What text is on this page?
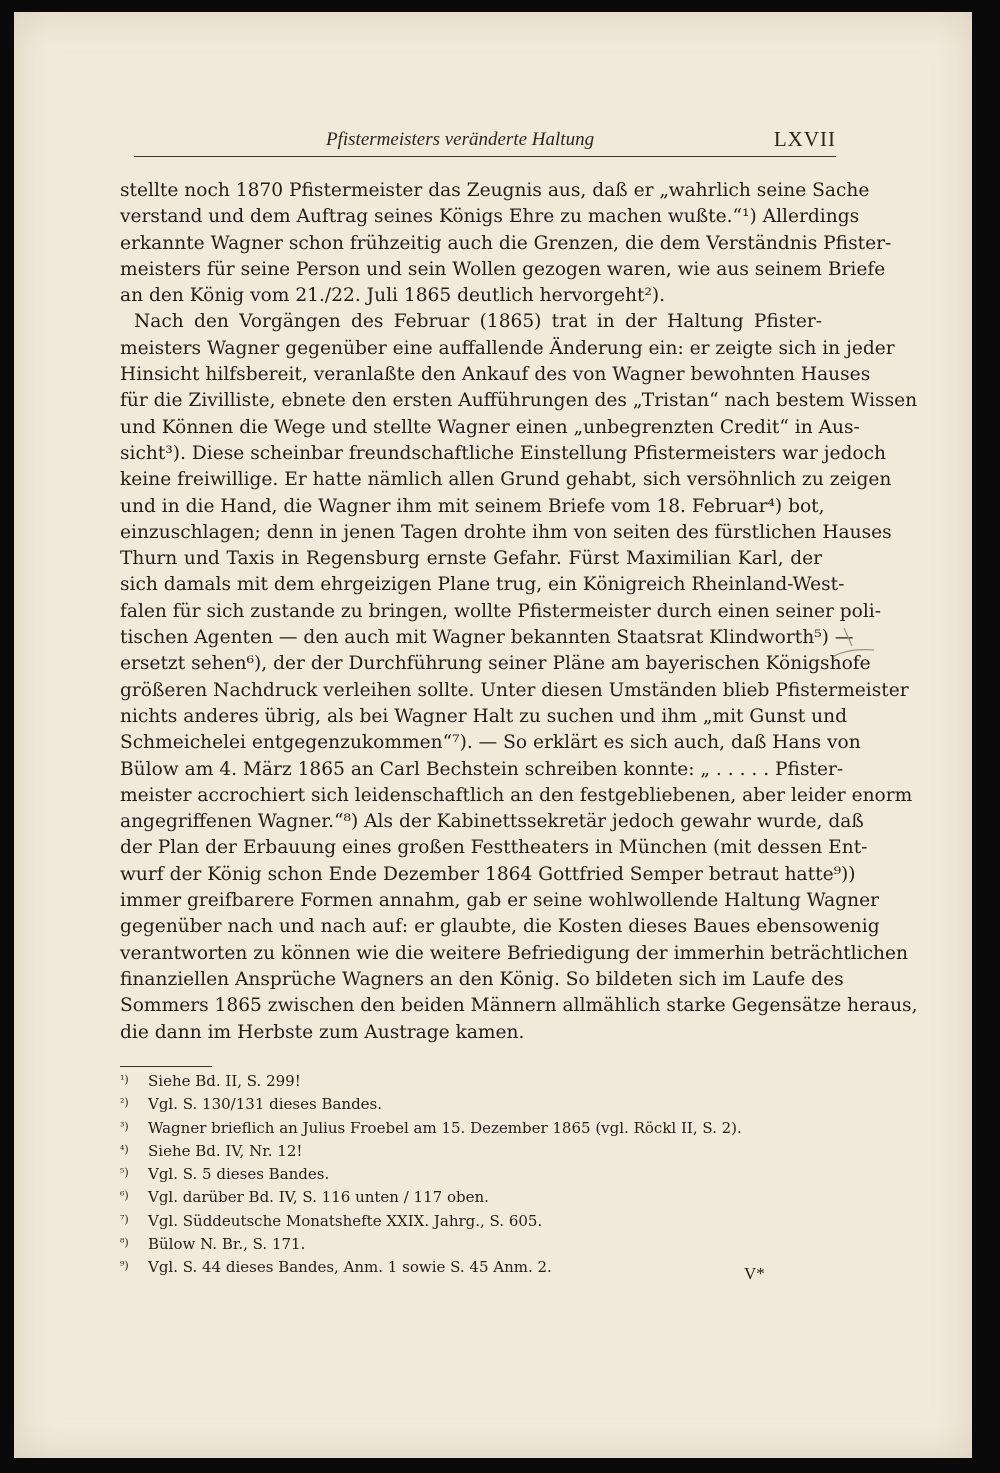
Pfistermeisters veränderte Haltung	LXVII
stellte noch 1870 Pfistermeister das Zeugnis aus, daß er „wahrlich seine Sache
verstand und dem Auftrag seines Königs Ehre zu machen wußte.“¹) Allerdings
erkannte Wagner schon frühzeitig auch die Grenzen, die dem Verständnis Pfister-
meisters für seine Person und sein Wollen gezogen waren, wie aus seinem Briefe
an den König vom 21./22. Juli 1865 deutlich hervorgeht²).
Nach den Vorgängen des Februar (1865) trat in der Haltung Pfister-
meisters Wagner gegenüber eine auffallende Änderung ein: er zeigte sich in jeder
Hinsicht hilfsbereit, veranlaßte den Ankauf des von Wagner bewohnten Hauses
für die Zivilliste, ebnete den ersten Aufführungen des „Tristan“ nach bestem Wissen
und Können die Wege und stellte Wagner einen „unbegrenzten Credit“ in Aus-
sicht³). Diese scheinbar freundschaftliche Einstellung Pfistermeisters war jedoch
keine freiwillige. Er hatte nämlich allen Grund gehabt, sich versöhnlich zu zeigen
und in die Hand, die Wagner ihm mit seinem Briefe vom 18. Februar⁴) bot,
einzuschlagen; denn in jenen Tagen drohte ihm von seiten des fürstlichen Hauses
Thurn und Taxis in Regensburg ernste Gefahr. Fürst Maximilian Karl, der
sich damals mit dem ehrgeizigen Plane trug, ein Königreich Rheinland-West-
falen für sich zustande zu bringen, wollte Pfistermeister durch einen seiner poli-
tischen Agenten — den auch mit Wagner bekannten Staatsrat Klindworth⁵) —
ersetzt sehen⁶), der der Durchführung seiner Pläne am bayerischen Königshofe
größeren Nachdruck verleihen sollte. Unter diesen Umständen blieb Pfistermeister
nichts anderes übrig, als bei Wagner Halt zu suchen und ihm „mit Gunst und
Schmeichelei entgegenzukommen“⁷). — So erklärt es sich auch, daß Hans von
Bülow am 4. März 1865 an Carl Bechstein schreiben konnte: „ . . . . . Pfister-
meister accrochiert sich leidenschaftlich an den festgebliebenen, aber leider enorm
angegriffenen Wagner.“⁸) Als der Kabinettssekretär jedoch gewahr wurde, daß
der Plan der Erbauung eines großen Festtheaters in München (mit dessen Ent-
wurf der König schon Ende Dezember 1864 Gottfried Semper betraut hatte⁹))
immer greifbarere Formen annahm, gab er seine wohlwollende Haltung Wagner
gegenüber nach und nach auf: er glaubte, die Kosten dieses Baues ebensowenig
verantworten zu können wie die weitere Befriedigung der immerhin beträchtlichen
finanziellen Ansprüche Wagners an den König. So bildeten sich im Laufe des
Sommers 1865 zwischen den beiden Männern allmählich starke Gegensätze heraus,
die dann im Herbste zum Austrage kamen.
¹) Siehe Bd. II, S. 299!
²) Vgl. S. 130/131 dieses Bandes.
³) Wagner brieflich an Julius Froebel am 15. Dezember 1865 (vgl. Röckl II, S. 2).
⁴) Siehe Bd. IV, Nr. 12!
⁵) Vgl. S. 5 dieses Bandes.
⁶) Vgl. darüber Bd. IV, S. 116 unten / 117 oben.
⁷) Vgl. Süddeutsche Monatshefte XXIX. Jahrg., S. 605.
⁸) Bülow N. Br., S. 171.
⁹) Vgl. S. 44 dieses Bandes, Anm. 1 sowie S. 45 Anm. 2.	V*
